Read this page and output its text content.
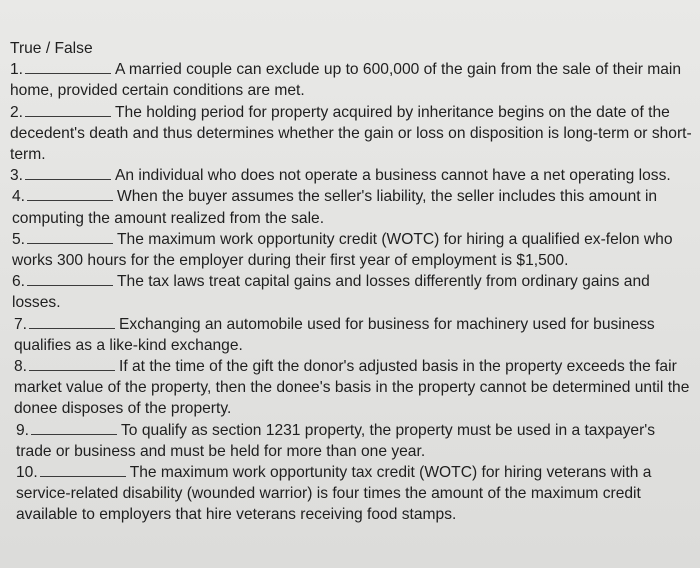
True / False

1.	A married couple can exclude up to 600,000 of the gain from the sale of their main home, provided certain conditions are met.

2.	The holding period for property acquired by inheritance begins on the date of the decedent's death and thus determines whether the gain or loss on disposition is long-term or short-term.

3.	An individual who does not operate a business cannot have a net operating loss.

4.	When the buyer assumes the seller's liability, the seller includes this amount in computing the amount realized from the sale.

5.	The maximum work opportunity credit (WOTC) for hiring a qualified ex-felon who works 300 hours for the employer during their first year of employment is $1,500.

6.	The tax laws treat capital gains and losses differently from ordinary gains and losses.

7.	Exchanging an automobile used for business for machinery used for business qualifies as a like-kind exchange.

8.	If at the time of the gift the donor's adjusted basis in the property exceeds the fair market value of the property, then the donee's basis in the property cannot be determined until the donee disposes of the property.

9.	To qualify as section 1231 property, the property must be used in a taxpayer's trade or business and must be held for more than one year.

10.	The maximum work opportunity tax credit (WOTC) for hiring veterans with a service-related disability (wounded warrior) is four times the amount of the maximum credit available to employers that hire veterans receiving food stamps.
